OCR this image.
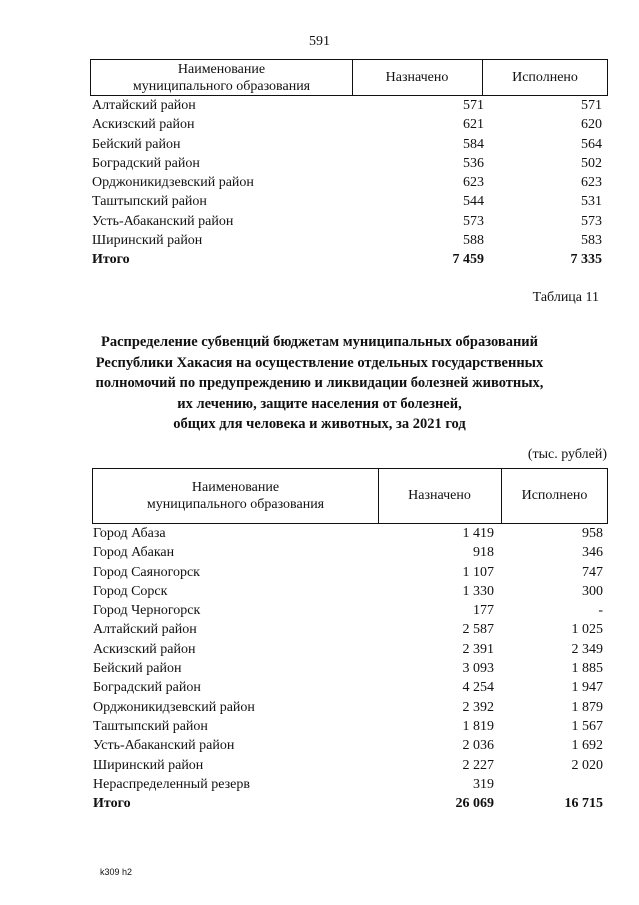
591
Наименование
муниципального образования
Назначено	Исполнено
Алтайский район	571	571
Аскизский район	621	620
Бейский район	584	564
Боградский район	536	502
Орджоникидзевский район	623	623
Таштыпский район	544	531
Усть-Абаканский район	573	573
Ширинский район	588	583
Итого	7 459	7 335
Таблица 11
Распределение субвенций бюджетам муниципальных образований
Республики Хакасия на осуществление отдельных государственных
полномочий по предупреждению и ликвидации болезней животных,
их лечению, защите населения от болезней,
общих для человека и животных, за 2021 год
(тыс. рублей)
Наименование
муниципального образования
Назначено	Исполнено
Город Абаза	1 419	958
Город Абакан	918	346
Город Саяногорск	1 107	747
Город Сорск	1 330	300
Город Черногорск	177	-
Алтайский район	2 587	1 025
Аскизский район	2 391	2 349
Бейский район	3 093	1 885
Боградский район	4 254	1 947
Орджоникидзевский район	2 392	1 879
Таштыпский район	1 819	1 567
Усть-Абаканский район	2 036	1 692
Ширинский район	2 227	2 020
Нераспределенный резерв	319
Итого	26 069	16 715
k309 h2
